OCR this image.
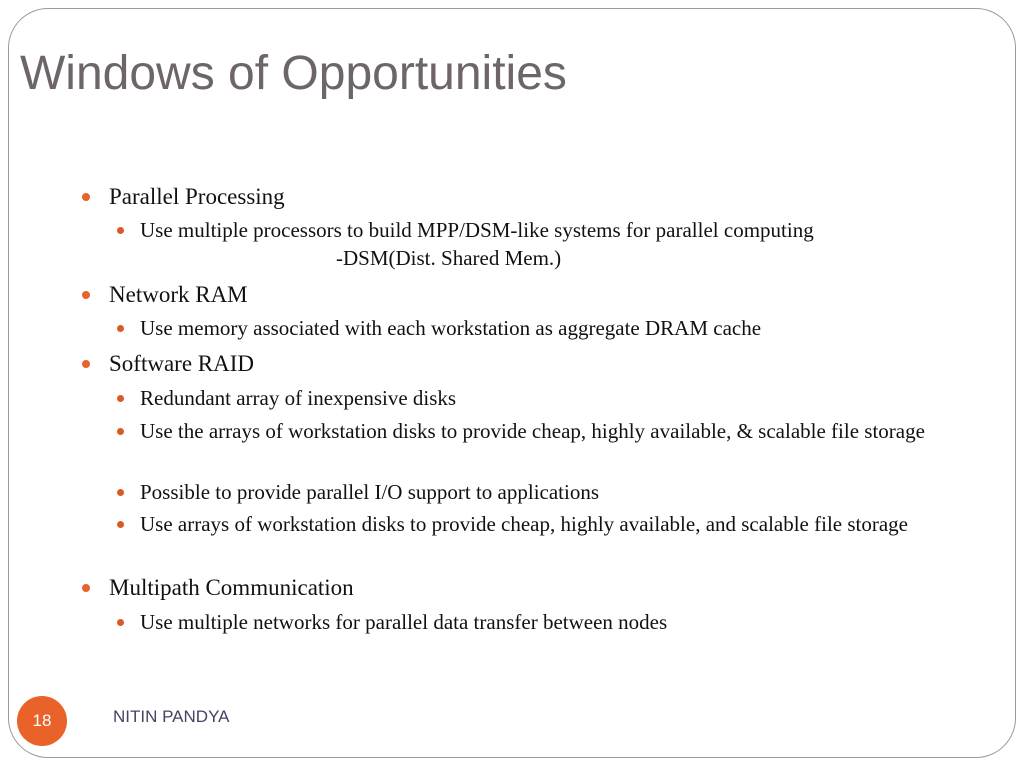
Windows of Opportunities
Parallel Processing
Use multiple processors to build MPP/DSM-like systems for parallel computing
-DSM(Dist. Shared Mem.)
Network RAM
Use memory associated with each workstation as aggregate DRAM cache
Software RAID
Redundant array of inexpensive disks
Use the arrays of workstation disks to provide cheap, highly available, & scalable file storage
Possible to provide parallel I/O support to applications
Use arrays of workstation disks to provide cheap, highly available, and scalable file storage
Multipath Communication
Use multiple networks for parallel data transfer between nodes
18	NITIN PANDYA
